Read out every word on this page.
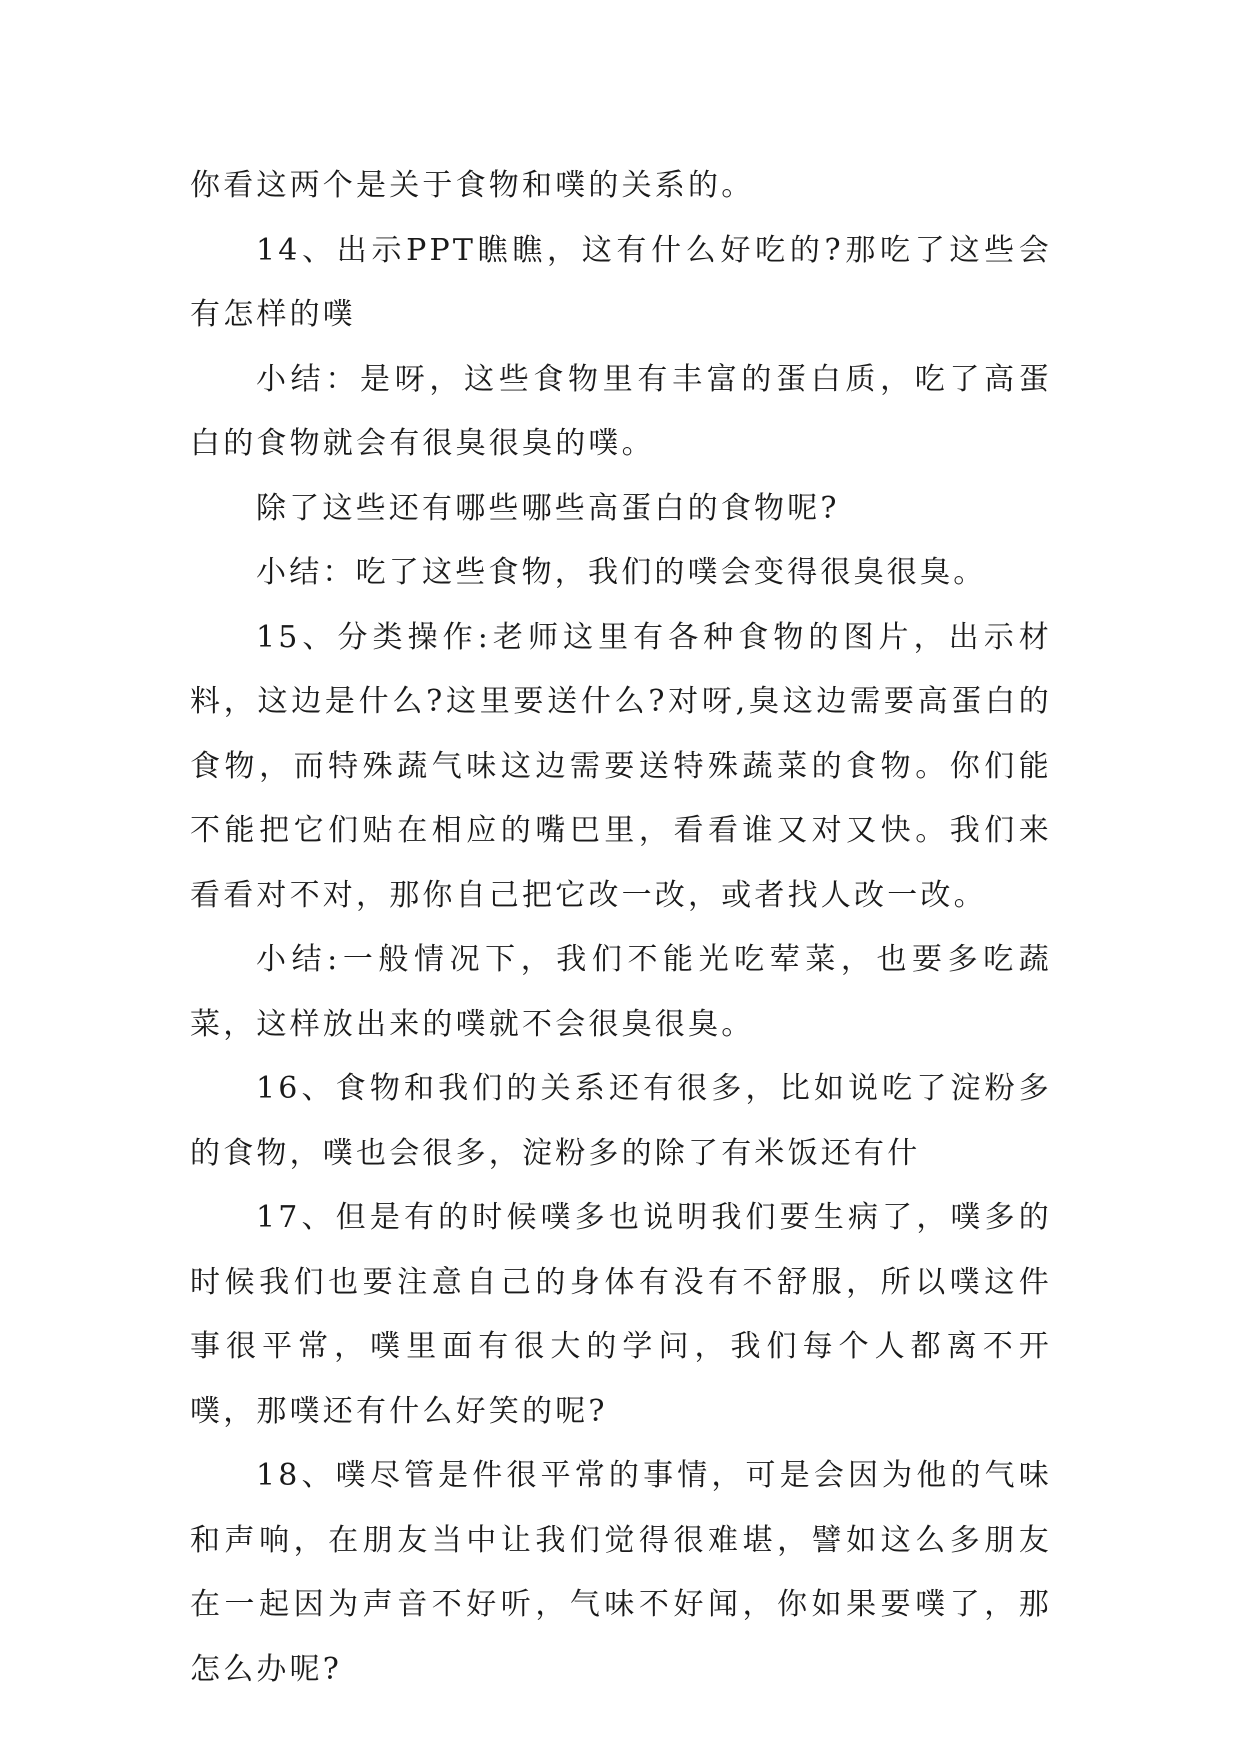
你看这两个是关于食物和噗的关系的。

14、出示PPT瞧瞧，这有什么好吃的?那吃了这些会有怎样的噗

小结：是呀，这些食物里有丰富的蛋白质，吃了高蛋白的食物就会有很臭很臭的噗。

除了这些还有哪些哪些高蛋白的食物呢?

小结：吃了这些食物，我们的噗会变得很臭很臭。

15、分类操作:老师这里有各种食物的图片，出示材料，这边是什么?这里要送什么?对呀,臭这边需要高蛋白的食物，而特殊蔬气味这边需要送特殊蔬菜的食物。你们能不能把它们贴在相应的嘴巴里，看看谁又对又快。我们来看看对不对，那你自己把它改一改，或者找人改一改。

小结:一般情况下，我们不能光吃荤菜，也要多吃蔬菜，这样放出来的噗就不会很臭很臭。

16、食物和我们的关系还有很多，比如说吃了淀粉多的食物，噗也会很多，淀粉多的除了有米饭还有什

17、但是有的时候噗多也说明我们要生病了，噗多的时候我们也要注意自己的身体有没有不舒服，所以噗这件事很平常，噗里面有很大的学问，我们每个人都离不开噗，那噗还有什么好笑的呢?

18、噗尽管是件很平常的事情，可是会因为他的气味和声响，在朋友当中让我们觉得很难堪，譬如这么多朋友在一起因为声音不好听，气味不好闻，你如果要噗了，那怎么办呢?
